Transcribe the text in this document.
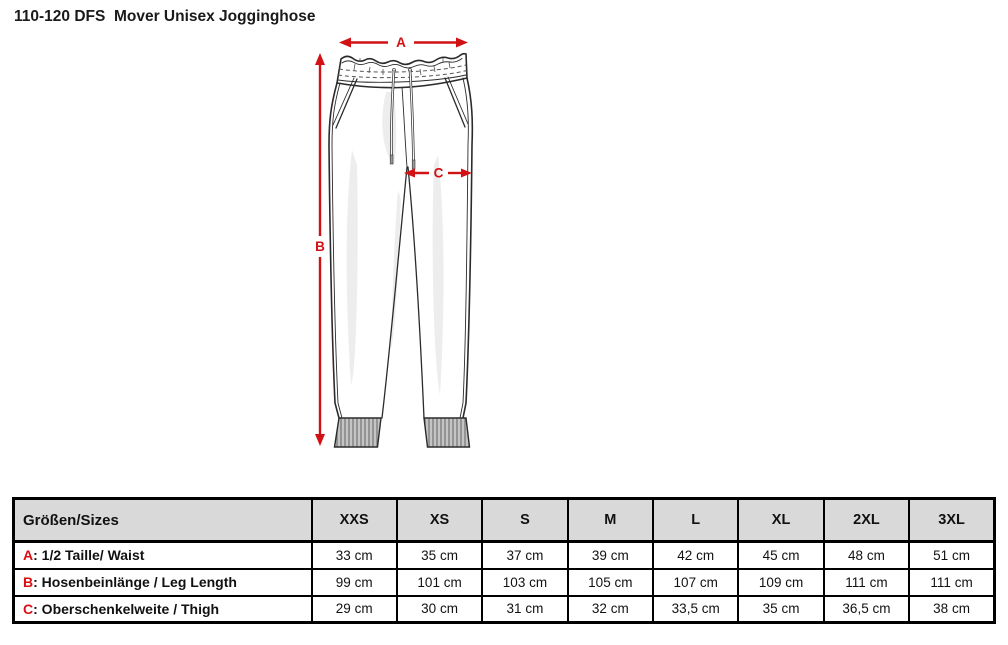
110-120 DFS  Mover Unisex Jogginghose
A
B
C
Größen/Sizes	XXS	XS	S	M	L	XL	2XL	3XL
A: 1/2 Taille/ Waist	33 cm	35 cm	37 cm	39 cm	42 cm	45 cm	48 cm	51 cm
B: Hosenbeinlänge / Leg Length	99 cm	101 cm	103 cm	105 cm	107 cm	109 cm	111 cm	111 cm
C: Oberschenkelweite / Thigh	29 cm	30 cm	31 cm	32 cm	33,5 cm	35 cm	36,5 cm	38 cm
